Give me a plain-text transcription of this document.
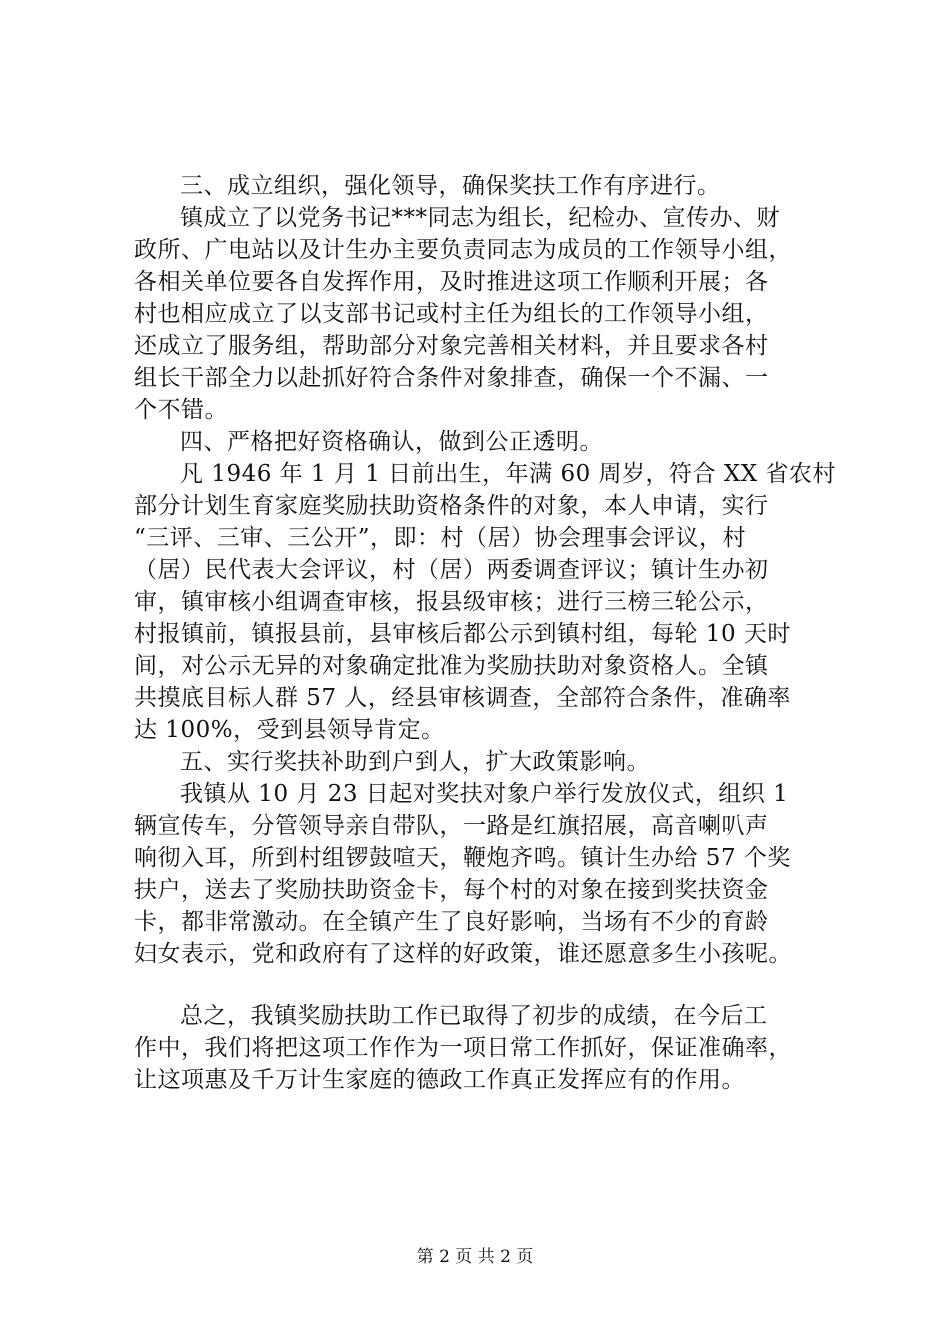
三、成立组织，强化领导，确保奖扶工作有序进行。
镇成立了以党务书记***同志为组长，纪检办、宣传办、财
政所、广电站以及计生办主要负责同志为成员的工作领导小组，
各相关单位要各自发挥作用，及时推进这项工作顺利开展；各
村也相应成立了以支部书记或村主任为组长的工作领导小组，
还成立了服务组，帮助部分对象完善相关材料，并且要求各村
组长干部全力以赴抓好符合条件对象排查，确保一个不漏、一
个不错。
四、严格把好资格确认，做到公正透明。
凡 1946 年 1 月 1 日前出生，年满 60 周岁，符合 XX 省农村
部分计划生育家庭奖励扶助资格条件的对象，本人申请，实行
“三评、三审、三公开”，即：村（居）协会理事会评议，村
（居）民代表大会评议，村（居）两委调查评议；镇计生办初
审，镇审核小组调查审核，报县级审核；进行三榜三轮公示，
村报镇前，镇报县前，县审核后都公示到镇村组，每轮 10 天时
间，对公示无异的对象确定批准为奖励扶助对象资格人。全镇
共摸底目标人群 57 人，经县审核调查，全部符合条件，准确率
达 100%，受到县领导肯定。
五、实行奖扶补助到户到人，扩大政策影响。
我镇从 10 月 23 日起对奖扶对象户举行发放仪式，组织 1
辆宣传车，分管领导亲自带队，一路是红旗招展，高音喇叭声
响彻入耳，所到村组锣鼓喧天，鞭炮齐鸣。镇计生办给 57 个奖
扶户，送去了奖励扶助资金卡，每个村的对象在接到奖扶资金
卡，都非常激动。在全镇产生了良好影响，当场有不少的育龄
妇女表示，党和政府有了这样的好政策，谁还愿意多生小孩呢。
总之，我镇奖励扶助工作已取得了初步的成绩，在今后工
作中，我们将把这项工作作为一项日常工作抓好，保证准确率，
让这项惠及千万计生家庭的德政工作真正发挥应有的作用。
第 2 页 共 2 页
